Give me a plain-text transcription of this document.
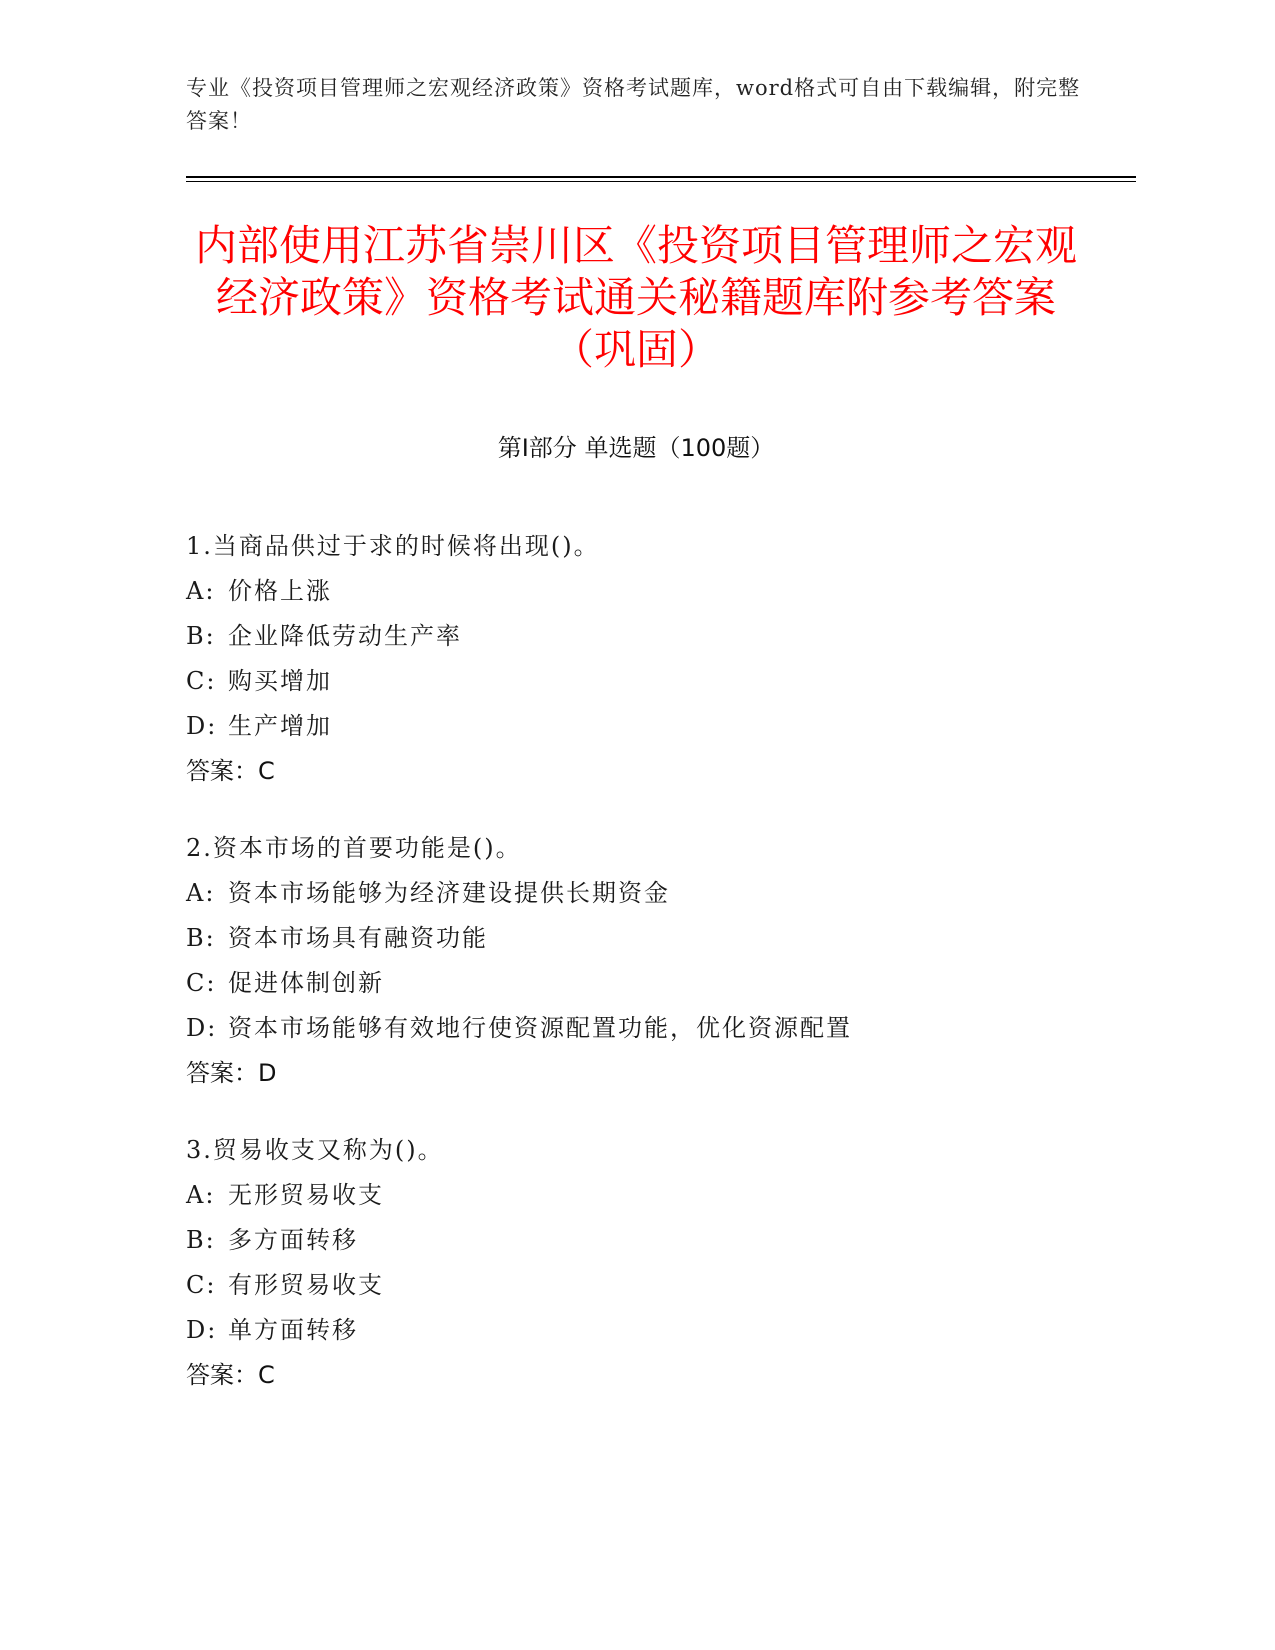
专业《投资项目管理师之宏观经济政策》资格考试题库，word格式可自由下载编辑，附完整答案！
内部使用江苏省崇川区《投资项目管理师之宏观经济政策》资格考试通关秘籍题库附参考答案（巩固）
第Ⅰ部分 单选题（100题）
1.当商品供过于求的时候将出现()。
A: 价格上涨
B: 企业降低劳动生产率
C: 购买增加
D: 生产增加
答案：C
2.资本市场的首要功能是()。
A: 资本市场能够为经济建设提供长期资金
B: 资本市场具有融资功能
C: 促进体制创新
D: 资本市场能够有效地行使资源配置功能，优化资源配置
答案：D
3.贸易收支又称为()。
A: 无形贸易收支
B: 多方面转移
C: 有形贸易收支
D: 单方面转移
答案：C
